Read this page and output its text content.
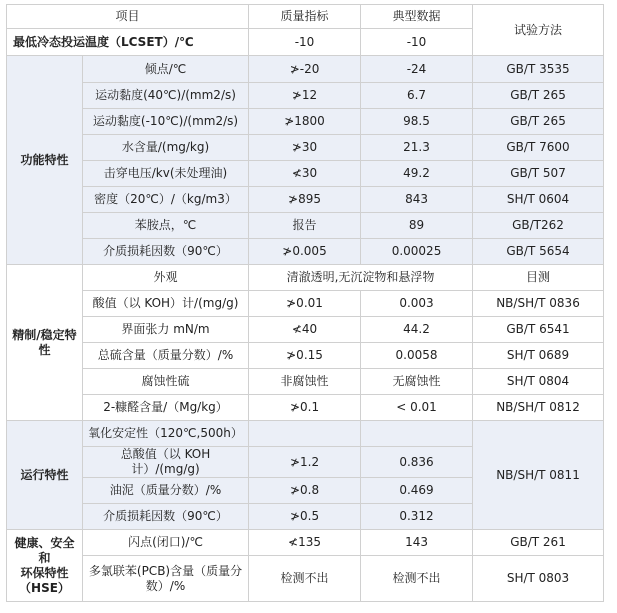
项目		质量指标	典型数据	试验方法
最低冷态投运温度（LCSET）/℃		-10	-10	
功能特性	倾点/℃	≯-20	-24	GB/T 3535
	运动黏度(40℃)/(mm2/s)	≯12	6.7	GB/T 265
	运动黏度(-10℃)/(mm2/s)	≯1800	98.5	GB/T 265
	水含量/(mg/kg)	≯30	21.3	GB/T 7600
	击穿电压/kv(未处理油)	≮30	49.2	GB/T 507
	密度（20℃）/（kg/m3）	≯895	843	SH/T 0604
	苯胺点，℃	报告	89	GB/T262
	介质损耗因数（90℃）	≯0.005	0.00025	GB/T 5654
精制/稳定特性	外观	清澈透明,无沉淀物和悬浮物		目测
	酸值（以 KOH）计/(mg/g)	≯0.01	0.003	NB/SH/T 0836
	界面张力 mN/m	≮40	44.2	GB/T 6541
	总硫含量（质量分数）/%	≯0.15	0.0058	SH/T 0689
	腐蚀性硫	非腐蚀性	无腐蚀性	SH/T 0804
	2-糠醛含量/（Mg/kg）	≯0.1	< 0.01	NB/SH/T 0812
运行特性	氧化安定性（120℃,500h）			NB/SH/T 0811
	总酸值（以 KOH 计）/(mg/g)	≯1.2	0.836	
	油泥（质量分数）/%	≯0.8	0.469	
	介质损耗因数（90℃）	≯0.5	0.312	

健康、安全和
环保特性
（HSE）	闪点(闭口)/℃	≮135	143	GB/T 261

	多氯联苯(PCB)含量（质量分
数）/%	检测不出	检测不出	SH/T 0803
